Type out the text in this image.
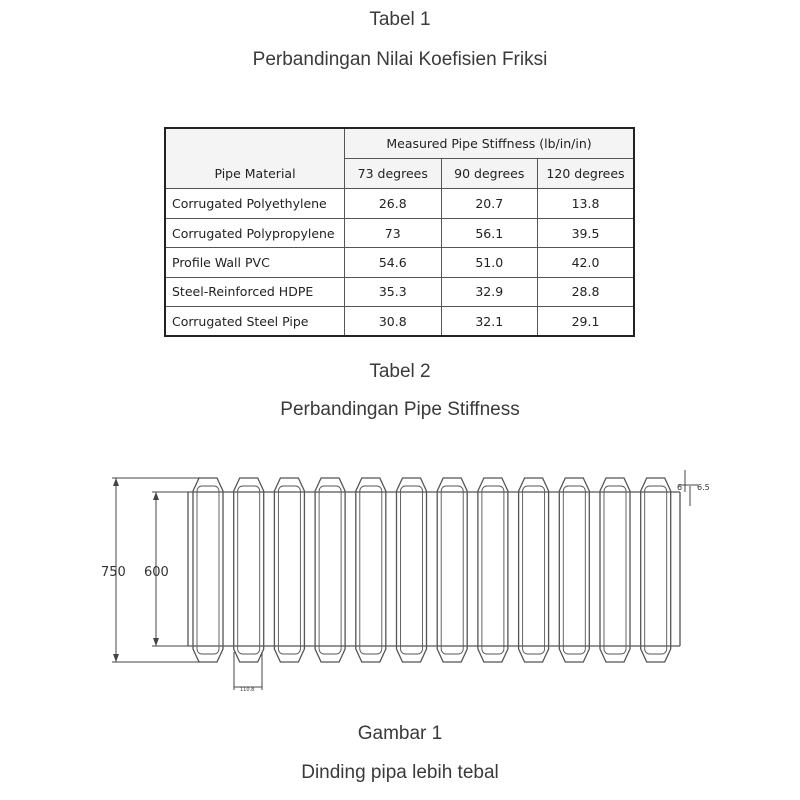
Tabel 1
Perbandingan Nilai Koefisien Friksi
Pipe Material	Measured Pipe Stiffness (lb/in/in)		
	73 degrees	90 degrees	120 degrees
Corrugated Polyethylene	26.8	20.7	13.8
Corrugated Polypropylene	73	56.1	39.5
Profile Wall PVC	54.6	51.0	42.0
Steel-Reinforced HDPE	35.3	32.9	28.8
Corrugated Steel Pipe	30.8	32.1	29.1
Tabel 2
Perbandingan Pipe Stiffness
750 600
110.8
6 6.5
Gambar 1
Dinding pipa lebih tebal
